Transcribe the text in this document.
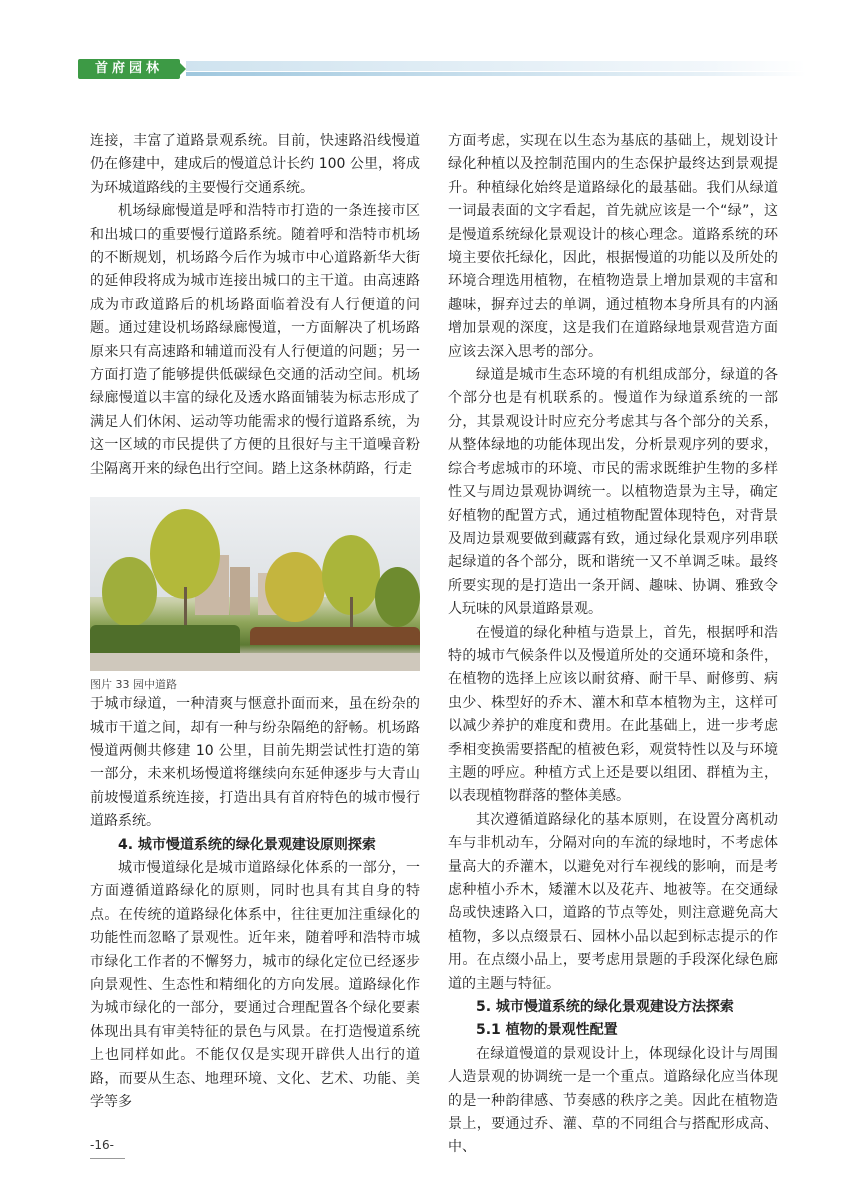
首府园林

连接，丰富了道路景观系统。目前，快速路沿线慢道仍在修建中，建成后的慢道总计长约 100 公里，将成为环城道路线的主要慢行交通系统。

机场绿廊慢道是呼和浩特市打造的一条连接市区和出城口的重要慢行道路系统。随着呼和浩特市机场的不断规划，机场路今后作为城市中心道路新华大街的延伸段将成为城市连接出城口的主干道。由高速路成为市政道路后的机场路面临着没有人行便道的问题。通过建设机场路绿廊慢道，一方面解决了机场路原来只有高速路和辅道而没有人行便道的问题；另一方面打造了能够提供低碳绿色交通的活动空间。机场绿廊慢道以丰富的绿化及透水路面铺装为标志形成了满足人们休闲、运动等功能需求的慢行道路系统，为这一区域的市民提供了方便的且很好与主干道噪音粉尘隔离开来的绿色出行空间。踏上这条林荫路，行走

图片 33 园中道路

于城市绿道，一种清爽与惬意扑面而来，虽在纷杂的城市干道之间，却有一种与纷杂隔绝的舒畅。机场路慢道两侧共修建 10 公里，目前先期尝试性打造的第一部分，未来机场慢道将继续向东延伸逐步与大青山前坡慢道系统连接，打造出具有首府特色的城市慢行道路系统。

4. 城市慢道系统的绿化景观建设原则探索

城市慢道绿化是城市道路绿化体系的一部分，一方面遵循道路绿化的原则，同时也具有其自身的特点。在传统的道路绿化体系中，往往更加注重绿化的功能性而忽略了景观性。近年来，随着呼和浩特市城市绿化工作者的不懈努力，城市的绿化定位已经逐步向景观性、生态性和精细化的方向发展。道路绿化作为城市绿化的一部分，要通过合理配置各个绿化要素体现出具有审美特征的景色与风景。在打造慢道系统上也同样如此。不能仅仅是实现开辟供人出行的道路，而要从生态、地理环境、文化、艺术、功能、美学等多

方面考虑，实现在以生态为基底的基础上，规划设计绿化种植以及控制范围内的生态保护最终达到景观提升。种植绿化始终是道路绿化的最基础。我们从绿道一词最表面的文字看起，首先就应该是一个“绿”，这是慢道系统绿化景观设计的核心理念。道路系统的环境主要依托绿化，因此，根据慢道的功能以及所处的环境合理选用植物，在植物造景上增加景观的丰富和趣味，摒弃过去的单调，通过植物本身所具有的内涵增加景观的深度，这是我们在道路绿地景观营造方面应该去深入思考的部分。

绿道是城市生态环境的有机组成部分，绿道的各个部分也是有机联系的。慢道作为绿道系统的一部分，其景观设计时应充分考虑其与各个部分的关系，从整体绿地的功能体现出发，分析景观序列的要求，综合考虑城市的环境、市民的需求既维护生物的多样性又与周边景观协调统一。以植物造景为主导，确定好植物的配置方式，通过植物配置体现特色，对背景及周边景观要做到藏露有致，通过绿化景观序列串联起绿道的各个部分，既和谐统一又不单调乏味。最终所要实现的是打造出一条开阔、趣味、协调、雅致令人玩味的风景道路景观。

在慢道的绿化种植与造景上，首先，根据呼和浩特的城市气候条件以及慢道所处的交通环境和条件，在植物的选择上应该以耐贫瘠、耐干旱、耐修剪、病虫少、株型好的乔木、灌木和草本植物为主，这样可以减少养护的难度和费用。在此基础上，进一步考虑季相变换需要搭配的植被色彩，观赏特性以及与环境主题的呼应。种植方式上还是要以组团、群植为主，以表现植物群落的整体美感。

其次遵循道路绿化的基本原则，在设置分离机动车与非机动车，分隔对向的车流的绿地时，不考虑体量高大的乔灌木，以避免对行车视线的影响，而是考虑种植小乔木，矮灌木以及花卉、地被等。在交通绿岛或快速路入口，道路的节点等处，则注意避免高大植物，多以点缀景石、园林小品以起到标志提示的作用。在点缀小品上，要考虑用景题的手段深化绿色廊道的主题与特征。

5. 城市慢道系统的绿化景观建设方法探索
5.1 植物的景观性配置

在绿道慢道的景观设计上，体现绿化设计与周围人造景观的协调统一是一个重点。道路绿化应当体现的是一种韵律感、节奏感的秩序之美。因此在植物造景上，要通过乔、灌、草的不同组合与搭配形成高、中、

-16-
